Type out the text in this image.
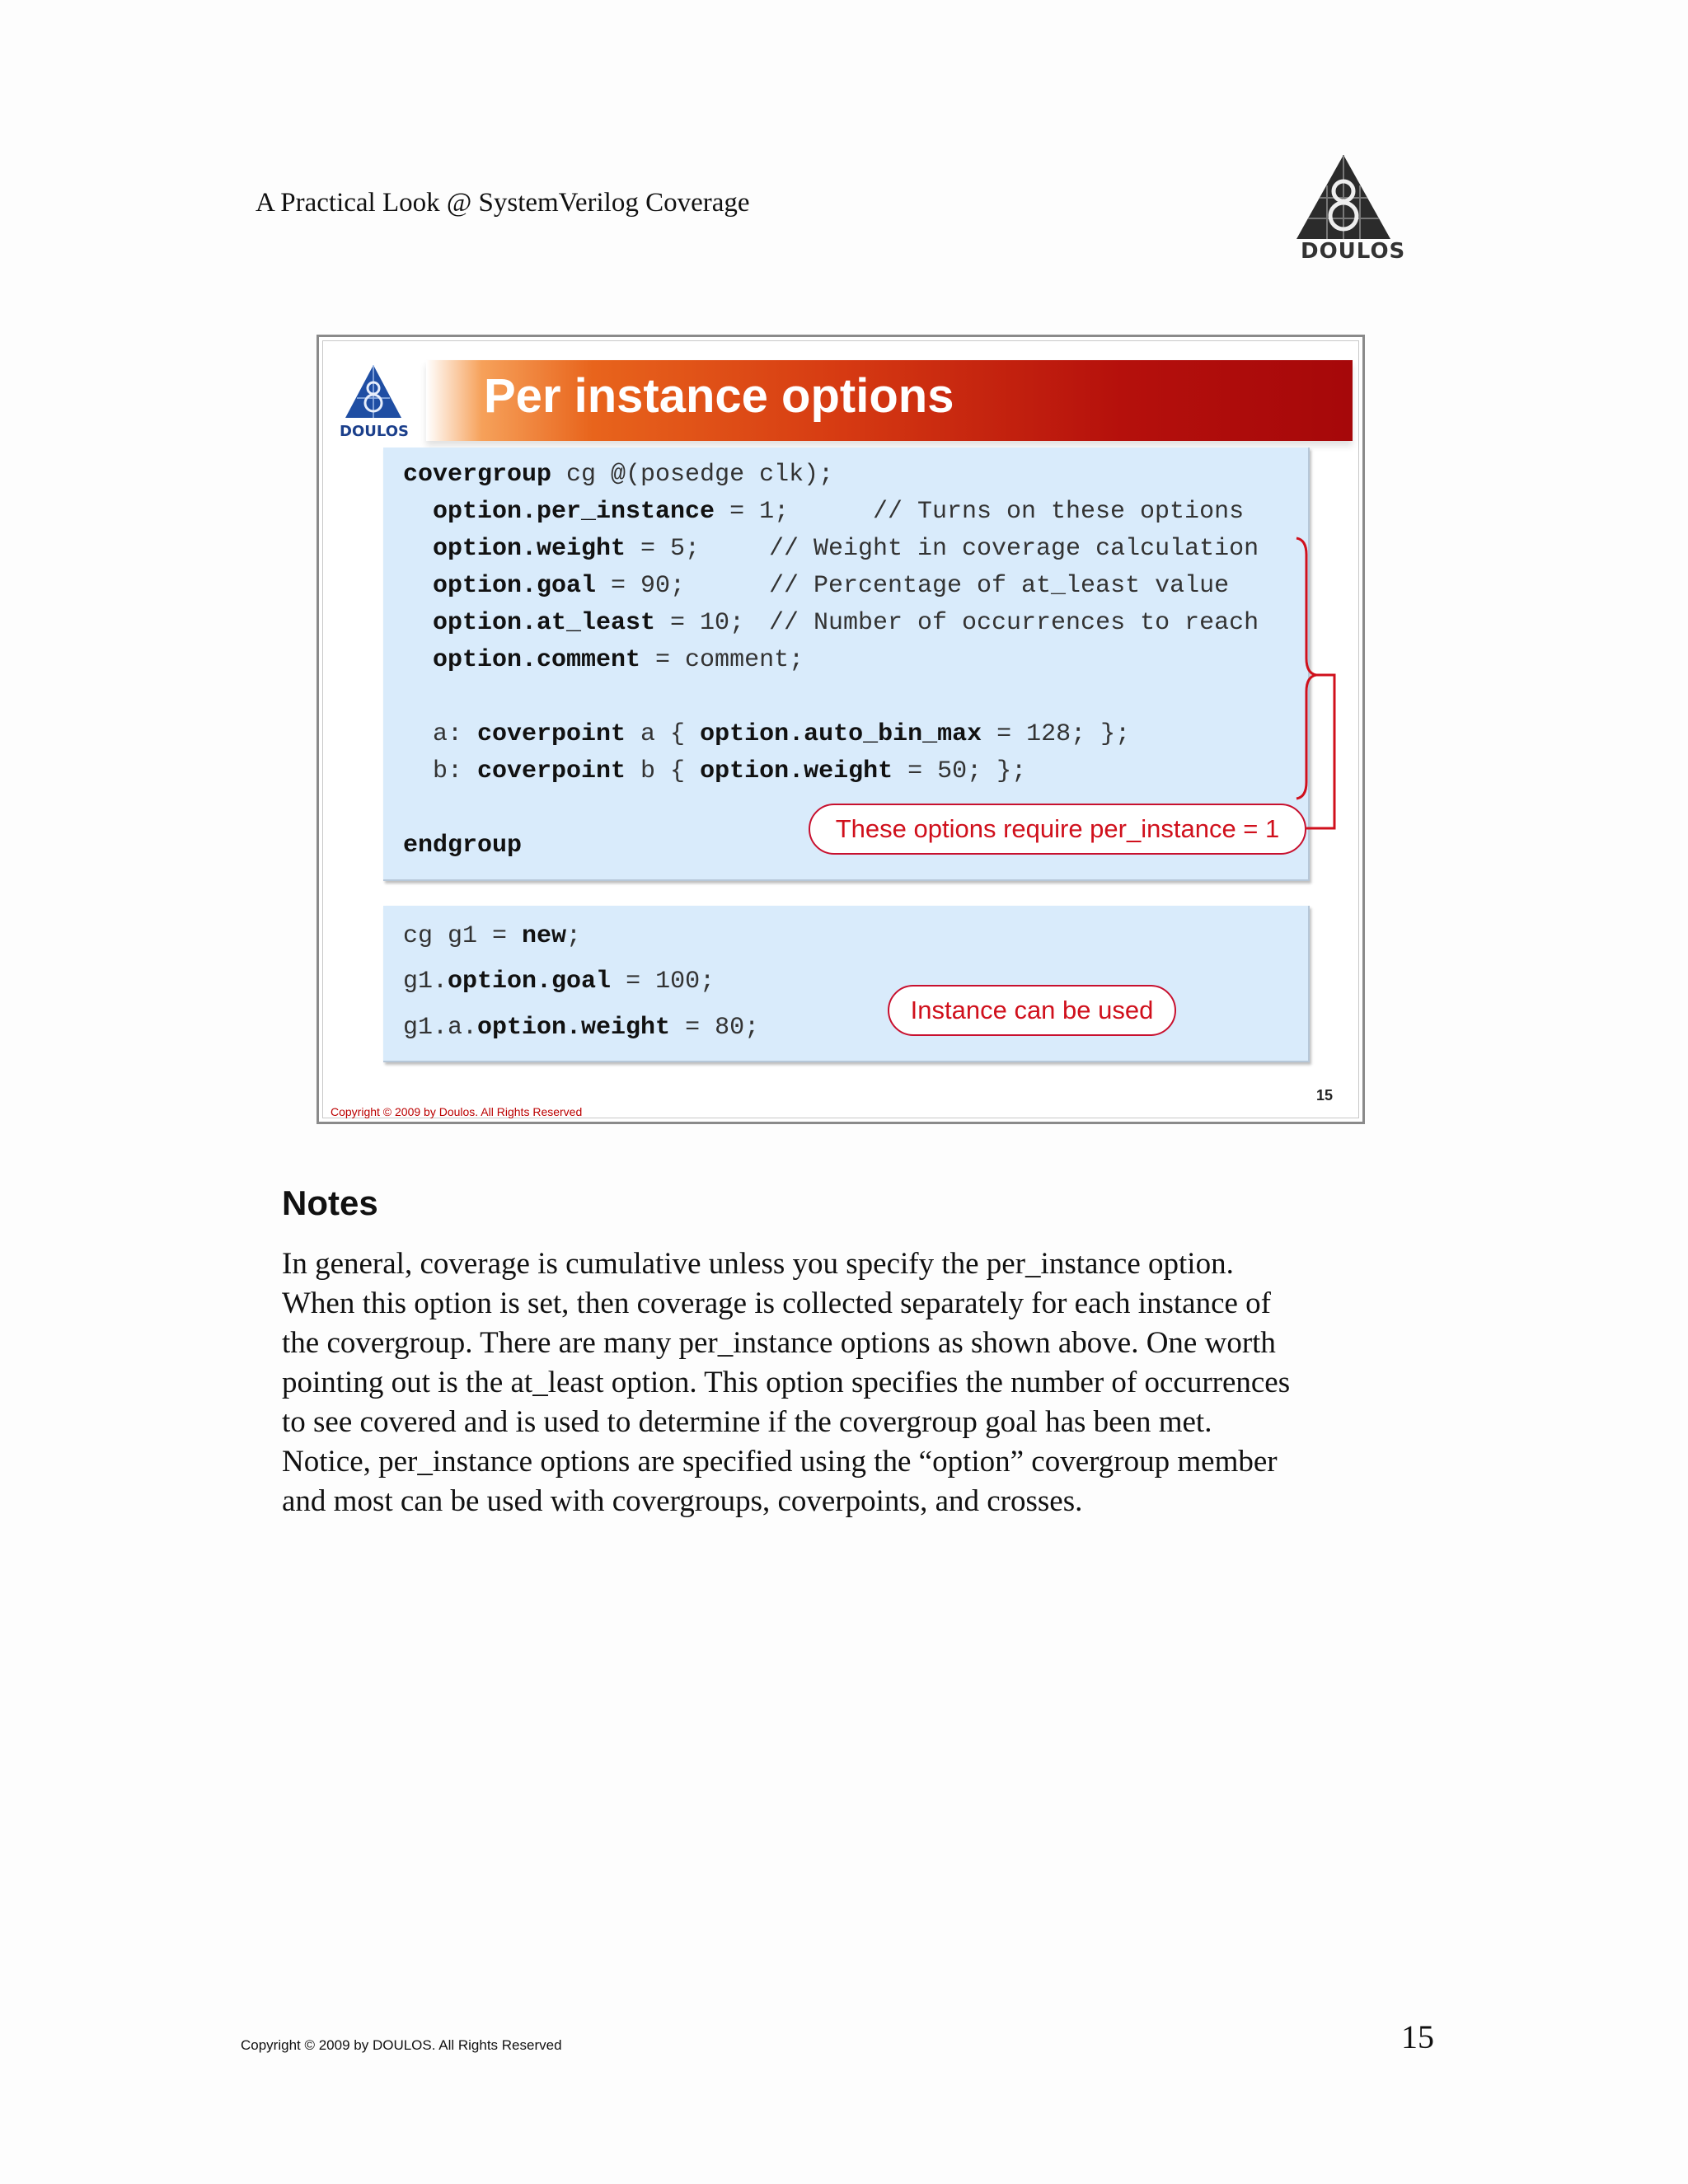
A Practical Look @ SystemVerilog Coverage
DOULOS
Per instance options
DOULOS
covergroup cg @(posedge clk);
option.per_instance = 1;	// Turns on these options
option.weight = 5;	// Weight in coverage calculation
option.goal = 90;	// Percentage of at_least value
option.at_least = 10; // Number of occurrences to reach
option.comment = comment;
a: coverpoint a { option.auto_bin_max = 128; };
b: coverpoint b { option.weight = 50; };
endgroup
These options require per_instance = 1
cg g1 = new;
g1.option.goal = 100;
g1.a.option.weight = 80;
Instance can be used
15
Copyright © 2009 by Doulos. All Rights Reserved
Notes
In general, coverage is cumulative unless you specify the per_instance option.
When this option is set, then coverage is collected separately for each instance of
the covergroup. There are many per_instance options as shown above. One worth
pointing out is the at_least option. This option specifies the number of occurrences
to see covered and is used to determine if the covergroup goal has been met.
Notice, per_instance options are specified using the “option” covergroup member
and most can be used with covergroups, coverpoints, and crosses.
Copyright © 2009 by DOULOS. All Rights Reserved	15
